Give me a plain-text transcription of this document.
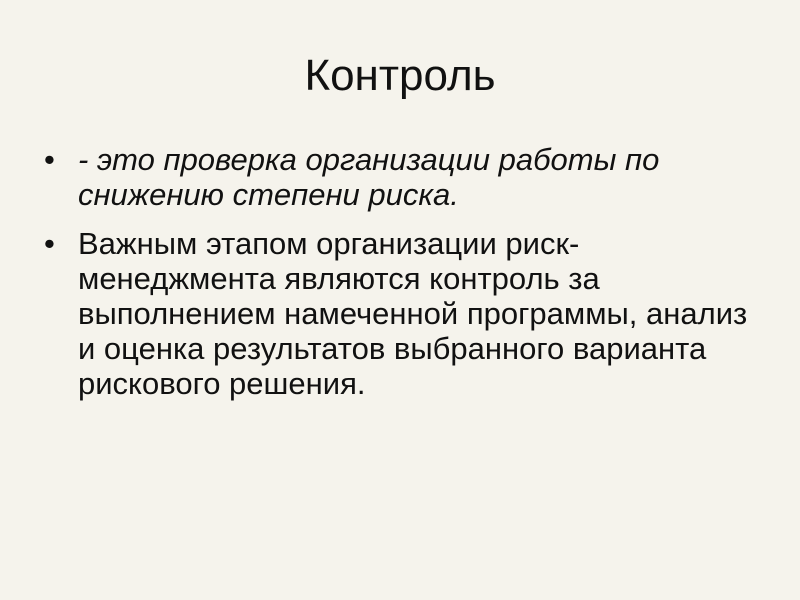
Контроль
• - это проверка организации работы по снижению степени риска.
• Важным этапом организации риск-менеджмента являются контроль за выполнением намеченной программы, анализ и оценка результатов выбранного варианта рискового решения.
